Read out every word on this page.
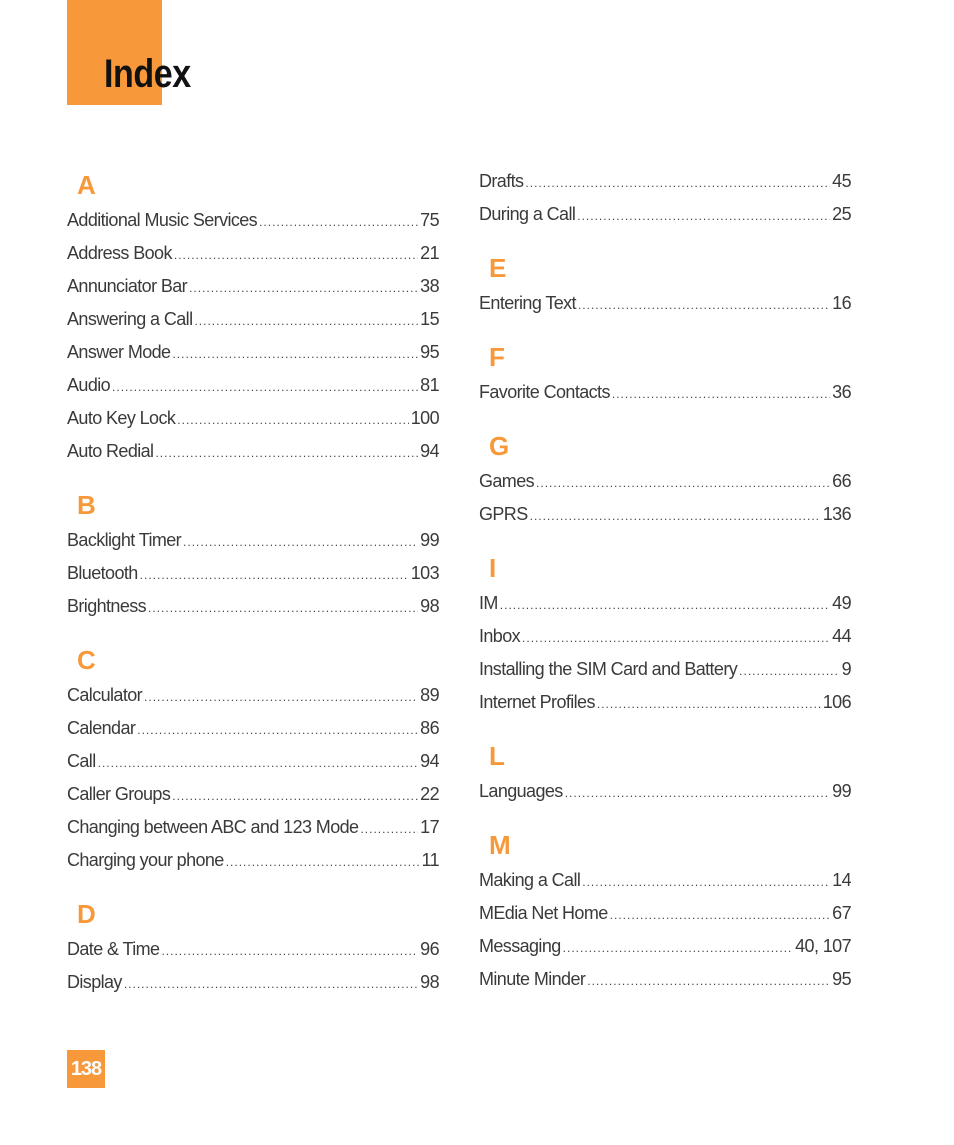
Index
A
Additional Music Services .....	75
Address Book .....	21
Annunciator Bar .....	38
Answering a Call .....	15
Answer Mode .....	95
Audio .....	81
Auto Key Lock .....	100
Auto Redial .....	94
B
Backlight Timer .....	99
Bluetooth .....	103
Brightness .....	98
C
Calculator .....	89
Calendar .....	86
Call .....	94
Caller Groups .....	22
Changing between ABC and 123 Mode .....	17
Charging your phone .....	11
D
Date & Time .....	96
Display .....	98
Drafts .....	45
During a Call .....	25
E
Entering Text .....	16
F
Favorite Contacts .....	36
G
Games .....	66
GPRS .....	136
I
IM .....	49
Inbox .....	44
Installing the SIM Card and Battery .....	9
Internet Profiles .....	106
L
Languages .....	99
M
Making a Call .....	14
MEdia Net Home .....	67
Messaging .....	40, 107
Minute Minder .....	95
138
